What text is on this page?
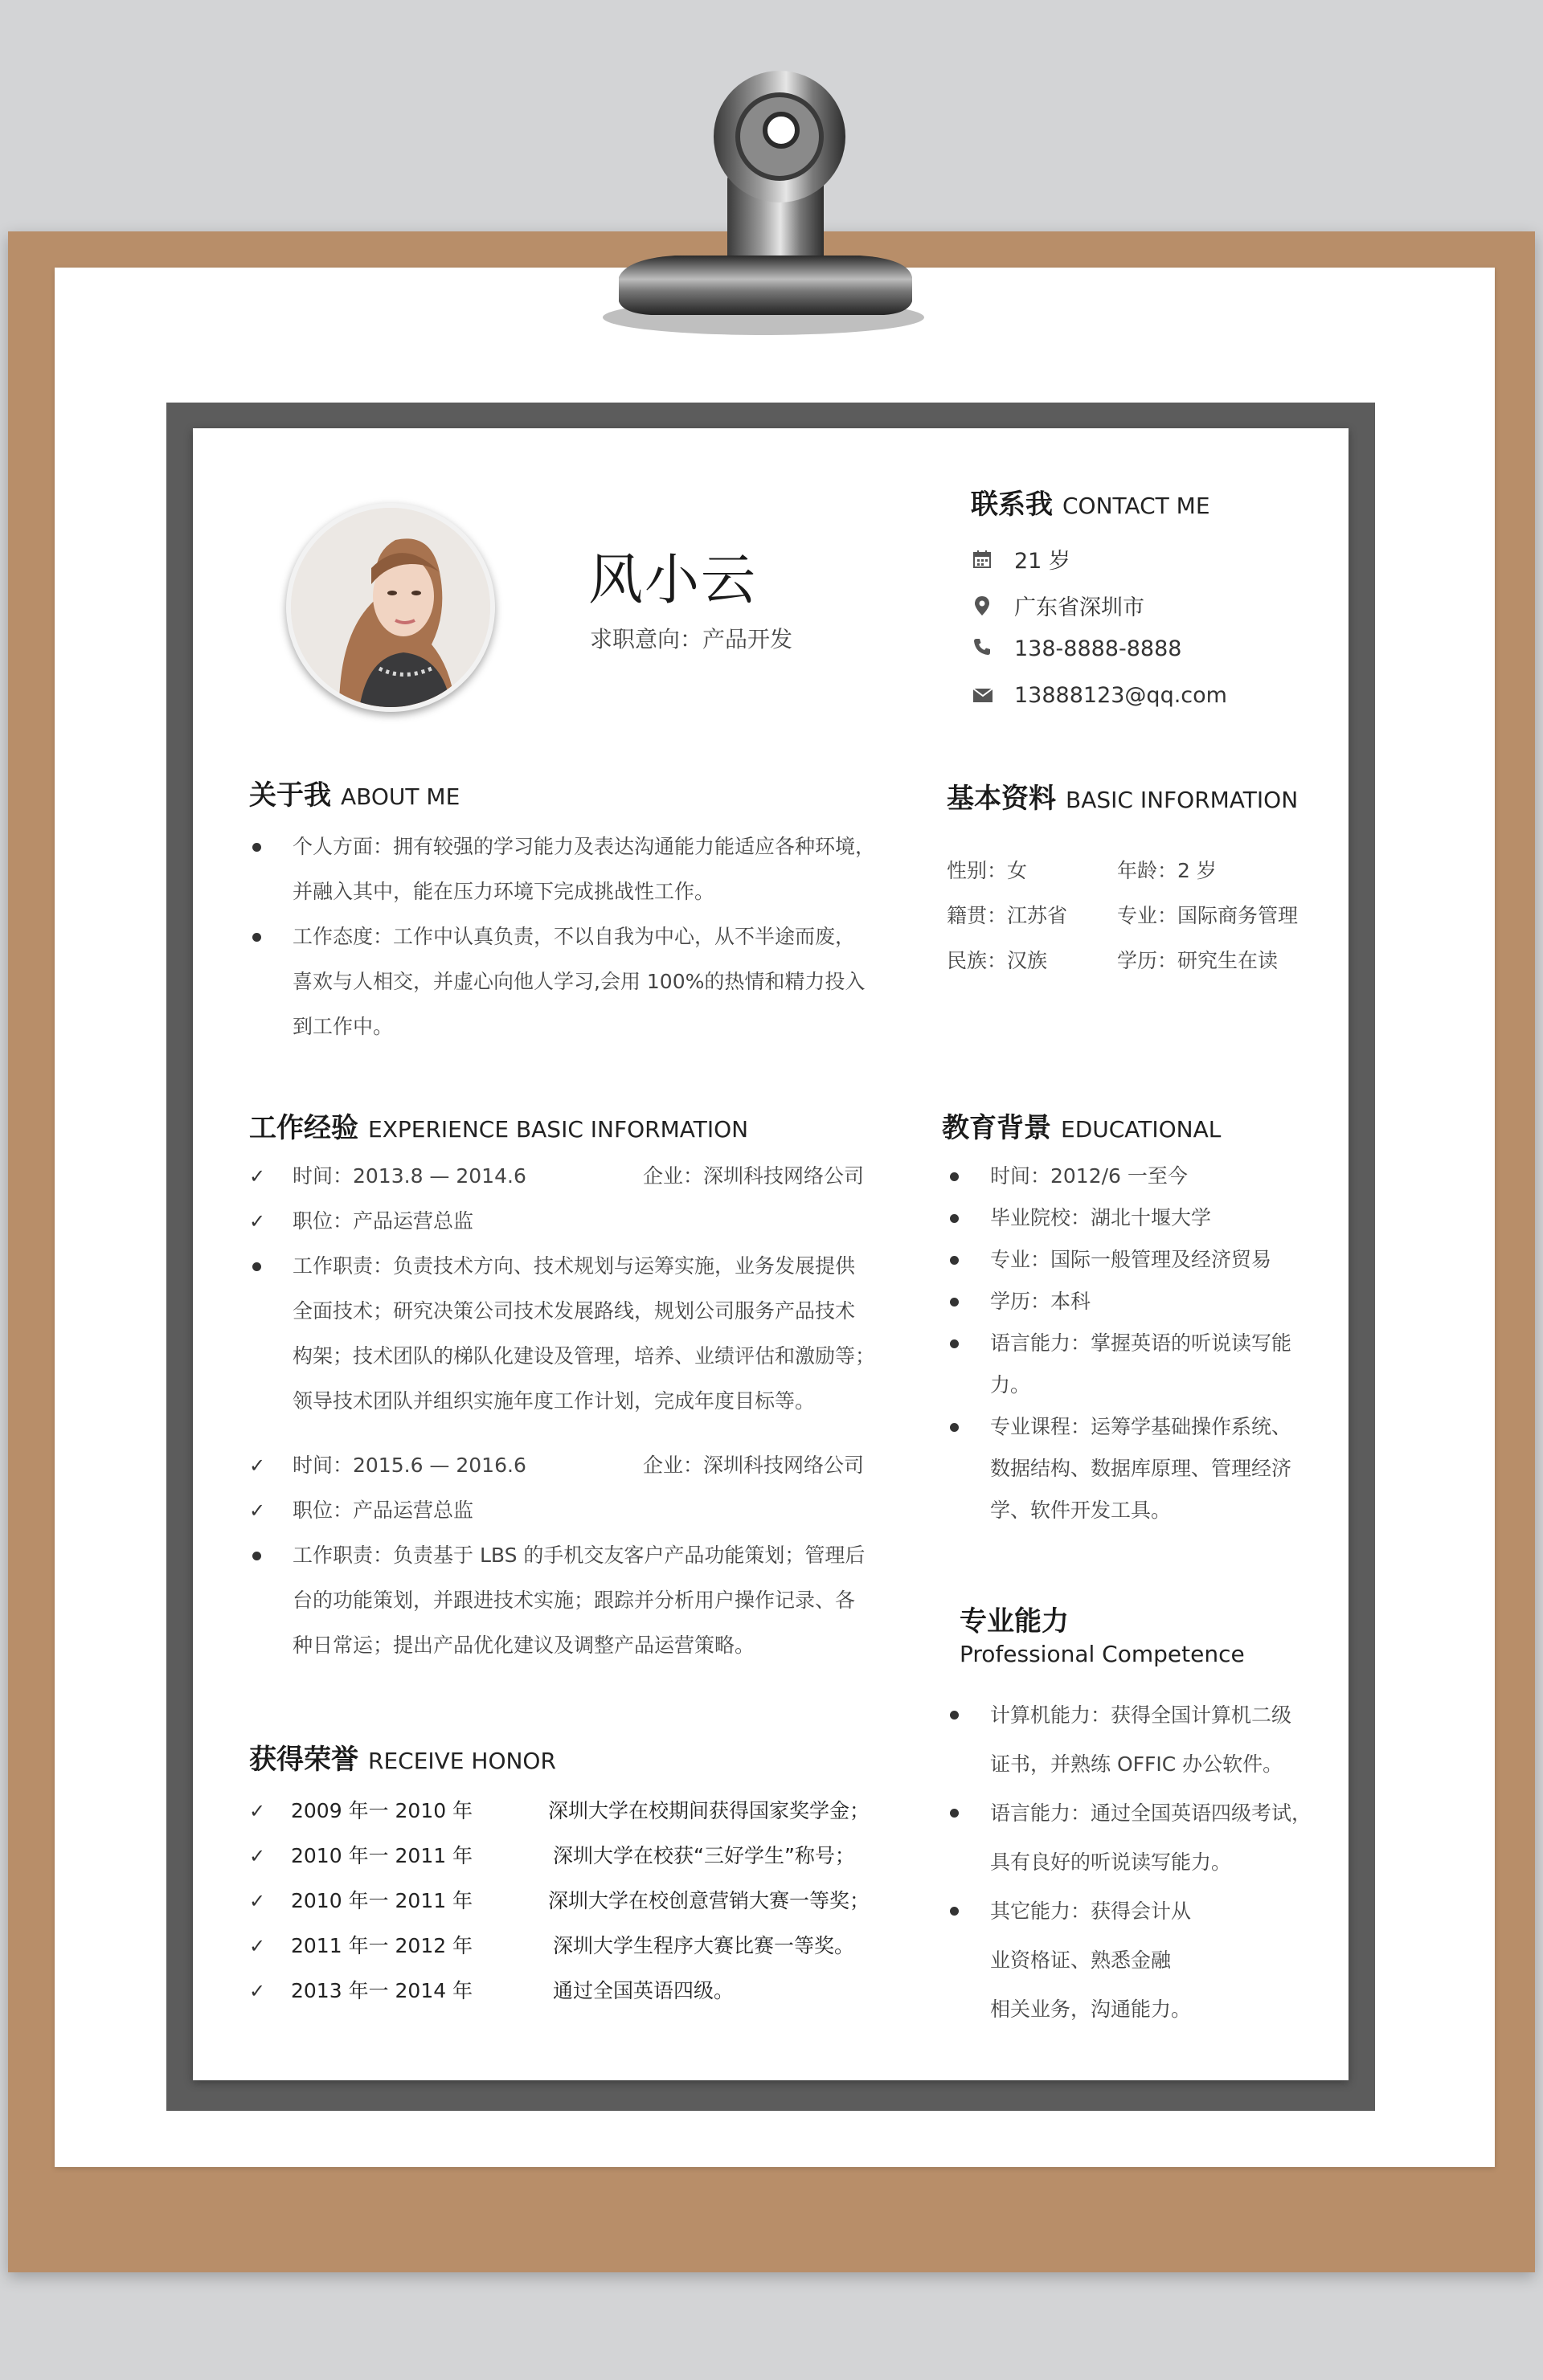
风小云
求职意向：产品开发
联系我 CONTACT ME
21 岁
广东省深圳市
138-8888-8888
13888123@qq.com
关于我 ABOUT ME
个人方面：拥有较强的学习能力及表达沟通能力能适应各种环境，
并融入其中，能在压力环境下完成挑战性工作。
工作态度：工作中认真负责，不以自我为中心，从不半途而废，
喜欢与人相交，并虚心向他人学习,会用 100%的热情和精力投入
到工作中。
基本资料 BASIC INFORMATION
性别：女	年龄：2 岁
籍贯：江苏省 专业：国际商务管理
民族：汉族	学历：研究生在读
工作经验 EXPERIENCE BASIC INFORMATION
✓ 时间：2013.8 — 2014.6	企业：深圳科技网络公司
✓ 职位：产品运营总监
工作职责：负责技术方向、技术规划与运筹实施，业务发展提供
全面技术；研究决策公司技术发展路线，规划公司服务产品技术
构架；技术团队的梯队化建设及管理，培养、业绩评估和激励等；
领导技术团队并组织实施年度工作计划，完成年度目标等。
✓ 时间：2015.6 — 2016.6	企业：深圳科技网络公司
✓ 职位：产品运营总监
工作职责：负责基于 LBS 的手机交友客户产品功能策划；管理后
台的功能策划，并跟进技术实施；跟踪并分析用户操作记录、各
种日常运；提出产品优化建议及调整产品运营策略。
教育背景 EDUCATIONAL
时间：2012/6 一至今
毕业院校：湖北十堰大学
专业：国际一般管理及经济贸易
学历：本科
语言能力：掌握英语的听说读写能
力。
专业课程：运筹学基础操作系统、
数据结构、数据库原理、管理经济
学、软件开发工具。
专业能力
Professional Competence
计算机能力：获得全国计算机二级
证书，并熟练 OFFIC 办公软件。
语言能力：通过全国英语四级考试，
具有良好的听说读写能力。
其它能力：获得会计从
业资格证、熟悉金融
相关业务，沟通能力。
获得荣誉 RECEIVE HONOR
✓ 2009 年一 2010 年	深圳大学在校期间获得国家奖学金；
✓ 2010 年一 2011 年	深圳大学在校获“三好学生”称号；
✓ 2010 年一 2011 年	深圳大学在校创意营销大赛一等奖；
✓ 2011 年一 2012 年	深圳大学生程序大赛比赛一等奖。
✓ 2013 年一 2014 年	通过全国英语四级。
